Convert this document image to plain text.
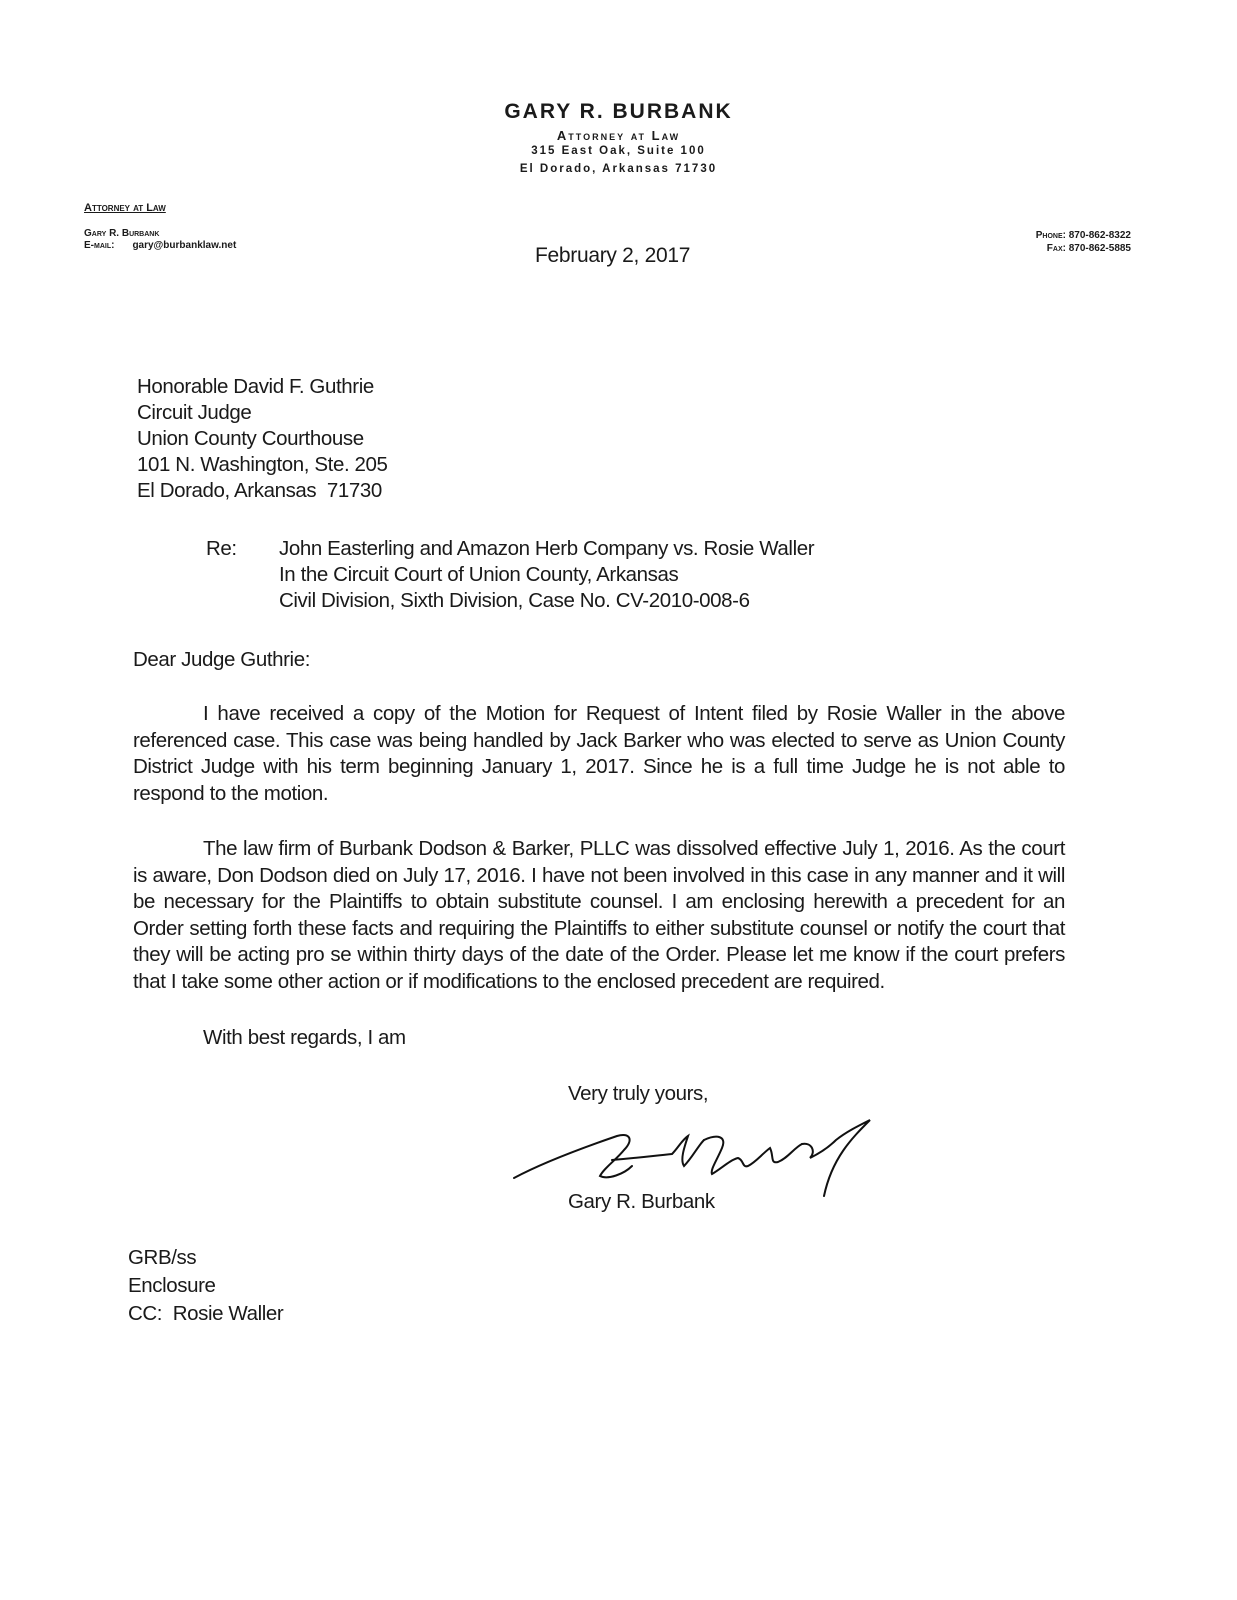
GARY R. BURBANK
Attorney at Law
315 East Oak, Suite 100
El Dorado, Arkansas 71730
Attorney at Law
Gary R. Burbank
E-mail: gary@burbanklaw.net
Phone: 870-862-8322
Fax: 870-862-5885
February 2, 2017
Honorable David F. Guthrie
Circuit Judge
Union County Courthouse
101 N. Washington, Ste. 205
El Dorado, Arkansas  71730
Re: John Easterling and Amazon Herb Company vs. Rosie Waller
In the Circuit Court of Union County, Arkansas
Civil Division, Sixth Division, Case No. CV-2010-008-6
Dear Judge Guthrie:

I have received a copy of the Motion for Request of Intent filed by Rosie Waller in the above referenced case. This case was being handled by Jack Barker who was elected to serve as Union County District Judge with his term beginning January 1, 2017. Since he is a full time Judge he is not able to respond to the motion.

The law firm of Burbank Dodson & Barker, PLLC was dissolved effective July 1, 2016. As the court is aware, Don Dodson died on July 17, 2016. I have not been involved in this case in any manner and it will be necessary for the Plaintiffs to obtain substitute counsel. I am enclosing herewith a precedent for an Order setting forth these facts and requiring the Plaintiffs to either substitute counsel or notify the court that they will be acting pro se within thirty days of the date of the Order. Please let me know if the court prefers that I take some other action or if modifications to the enclosed precedent are required.

With best regards, I am
Very truly yours,
Gary R. Burbank
GRB/ss
Enclosure
CC:  Rosie Waller
